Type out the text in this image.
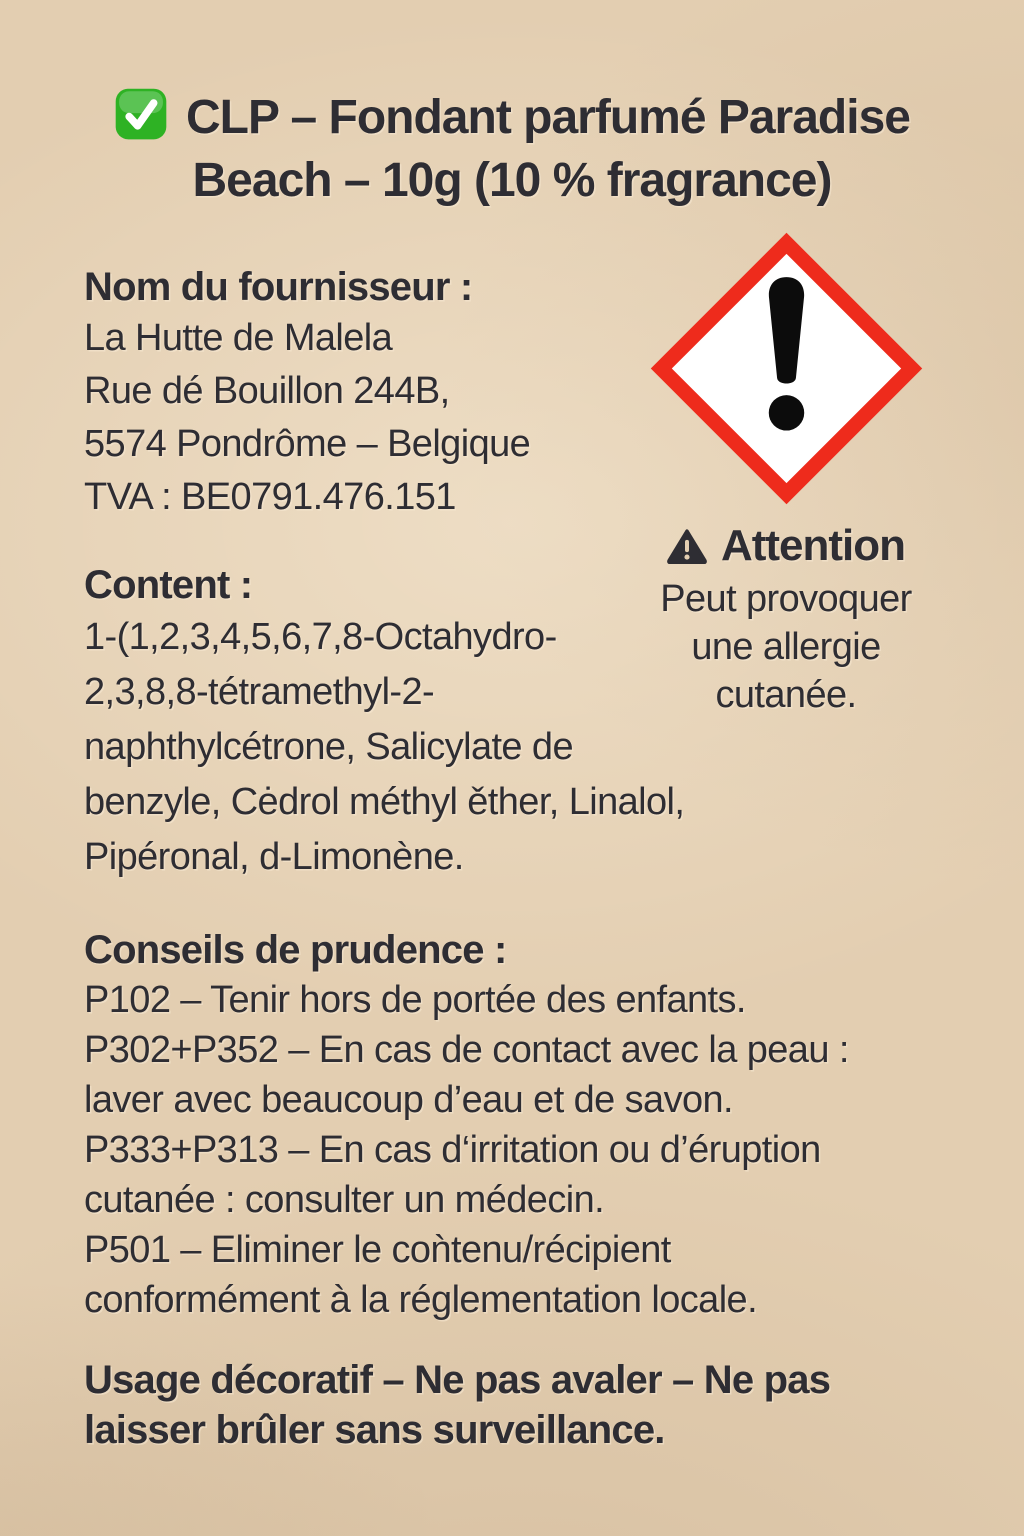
CLP – Fondant parfumé Paradise
Beach – 10g (10 % fragrance)
Attention
Peut provoquer
une allergie
cutanée.
Nom du fournisseur :
La Hutte de Malela
Rue dé Bouillon 244B,
5574 Pondrôme – Belgique
TVA : BE0791.476.151
Content :
1-(1,2,3,4,5,6,7,8-Octahydro-
2,3,8,8-tétramethyl-2-
naphthylcétrone, Salicylate de
benzyle, Cėdrol méthyl ěther, Linalol,
Pipéronal, d-Limonène.
Conseils de prudence :
P102 – Tenir hors de portée des enfants.
P302+P352 – En cas de contact avec la peau :
laver avec beaucoup d’eau et de savon.
P333+P313 – En cas d‘irritation ou d’éruption
cutanée : consulter un médecin.
P501 – Eliminer le coǹtenu/récipient
conformément à la réglementation locale.
Usage décoratif – Ne pas avaler – Ne pas
laisser brûler sans surveillance.
